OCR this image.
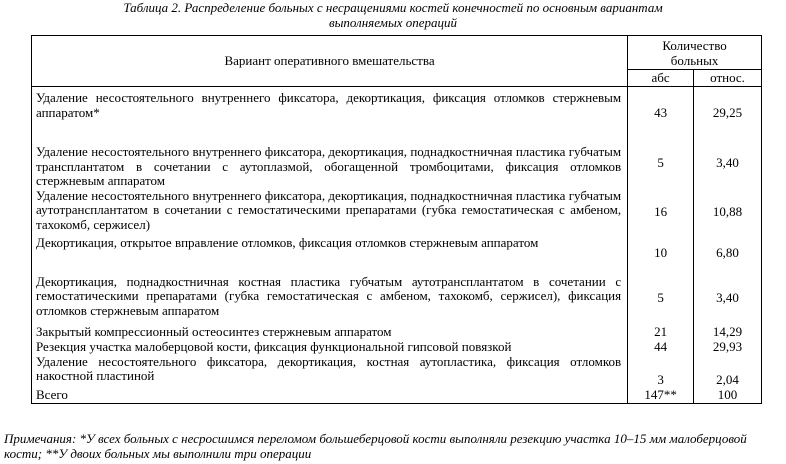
Таблица 2. Распределение больных с несращениями костей конечностей по основным вариантам
выполняемых операций
Вариант оперативного вмешательства	Количество
больных	
	абс	относ.
Удаление несостоятельного внутреннего фиксатора, декортикация, фиксация отломков стержневым аппаратом*	43	29,25
Удаление несостоятельного внутреннего фиксатора, декортикация, поднадкостничная пластика губчатым трансплантатом в сочетании с аутоплазмой, обогащенной тромбоцитами, фиксация отломков стержневым аппаратом	5	3,40
Удаление несостоятельного внутреннего фиксатора, декортикация, поднадкостничная пластика губчатым аутотрансплантатом в сочетании с гемостатическими препаратами (губка гемостатическая с амбеном, тахокомб, сержисел)	16	10,88
Декортикация, открытое вправление отломков, фиксация отломков стержневым аппаратом	10	6,80
Декортикация, поднадкостничная костная пластика губчатым аутотрансплантатом в сочетании с гемостатическими препаратами (губка гемостатическая с амбеном, тахокомб, сержисел), фиксация отломков стержневым аппаратом	5	3,40
Закрытый компрессионный остеосинтез стержневым аппаратом	21	14,29
Резекция участка малоберцовой кости, фиксация функциональной гипсовой повязкой	44	29,93
Удаление несостоятельного фиксатора, декортикация, костная аутопластика, фиксация отломков накостной пластиной	3	2,04
Всего	147**	100
Примечания: *У всех больных с несросшимся переломом большеберцовой кости выполняли резекцию участка 10–15 мм малоберцовой кости; **У двоих больных мы выполнили три операции
